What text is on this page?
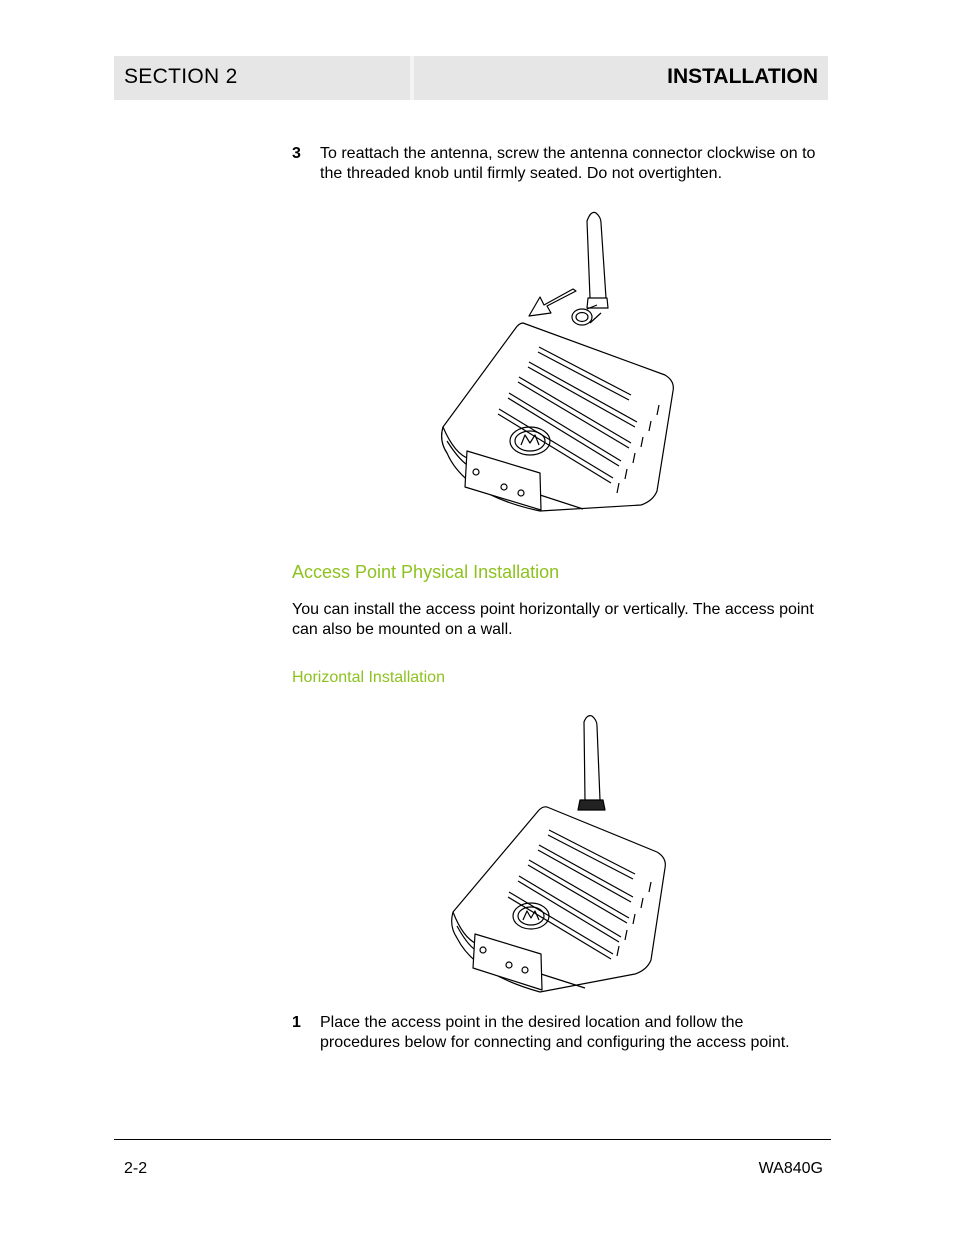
SECTION 2	INSTALLATION
3 To reattach the antenna, screw the antenna connector clockwise on to the threaded knob until firmly seated. Do not overtighten.
Access Point Physical Installation
You can install the access point horizontally or vertically. The access point can also be mounted on a wall.
Horizontal Installation
1 Place the access point in the desired location and follow the procedures below for connecting and configuring the access point.
2-2	WA840G
